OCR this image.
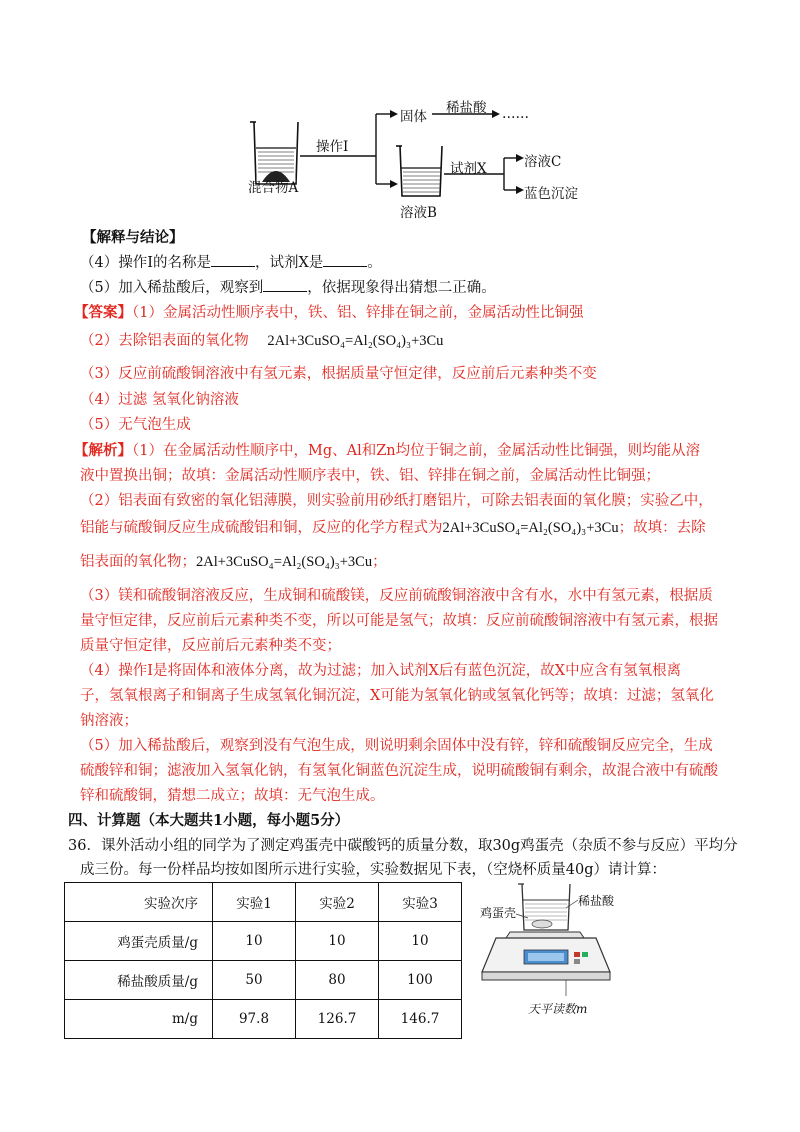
混合物A
操作I
固体
稀盐酸 ……
溶液B
试剂X	溶液C
蓝色沉淀
【解释与结论】
（4）操作I的名称是	，试剂X是	。
（5）加入稀盐酸后，观察到	，依据现象得出猜想二正确。
【答案】（1）金属活动性顺序表中，铁、铝、锌排在铜之前，金属活动性比铜强
（2）去除铝表面的氧化物 2Al+3CuSO₄=Al₂(SO₄)₃+3Cu
（3）反应前硫酸铜溶液中有氢元素，根据质量守恒定律，反应前后元素种类不变
（4）过滤 氢氧化钠溶液
（5）无气泡生成
【解析】（1）在金属活动性顺序中，Mg、Al和Zn均位于铜之前，金属活动性比铜强，则均能从溶
液中置换出铜；故填：金属活动性顺序表中，铁、铝、锌排在铜之前，金属活动性比铜强；
（2）铝表面有致密的氧化铝薄膜，则实验前用砂纸打磨铝片，可除去铝表面的氧化膜；实验乙中，
铝能与硫酸铜反应生成硫酸铝和铜，反应的化学方程式为2Al+3CuSO₄=Al₂(SO₄)₃+3Cu；故填：去除
铝表面的氧化物；2Al+3CuSO₄=Al₂(SO₄)₃+3Cu；
（3）镁和硫酸铜溶液反应，生成铜和硫酸镁，反应前硫酸铜溶液中含有水，水中有氢元素，根据质
量守恒定律，反应前后元素种类不变，所以可能是氢气；故填：反应前硫酸铜溶液中有氢元素，根据
质量守恒定律，反应前后元素种类不变；
（4）操作I是将固体和液体分离，故为过滤；加入试剂X后有蓝色沉淀，故X中应含有氢氧根离
子，氢氧根离子和铜离子生成氢氧化铜沉淀，X可能为氢氧化钠或氢氧化钙等；故填：过滤；氢氧化
钠溶液；
（5）加入稀盐酸后，观察到没有气泡生成，则说明剩余固体中没有锌，锌和硫酸铜反应完全，生成
硫酸锌和铜；滤液加入氢氧化钠，有氢氧化铜蓝色沉淀生成，说明硫酸铜有剩余，故混合液中有硫酸
锌和硫酸铜，猜想二成立；故填：无气泡生成。
四、计算题（本大题共1小题，每小题5分）
36．课外活动小组的同学为了测定鸡蛋壳中碳酸钙的质量分数，取30g鸡蛋壳（杂质不参与反应）平均分
成三份。每一份样品均按如图所示进行实验，实验数据见下表，（空烧杯质量40g）请计算：
实验次序	实验1	实验2	实验3
鸡蛋壳质量/g	10	10	10
稀盐酸质量/g	50	80	100
m/g	97.8	126.7	146.7
鸡蛋壳
稀盐酸
天平读数m
